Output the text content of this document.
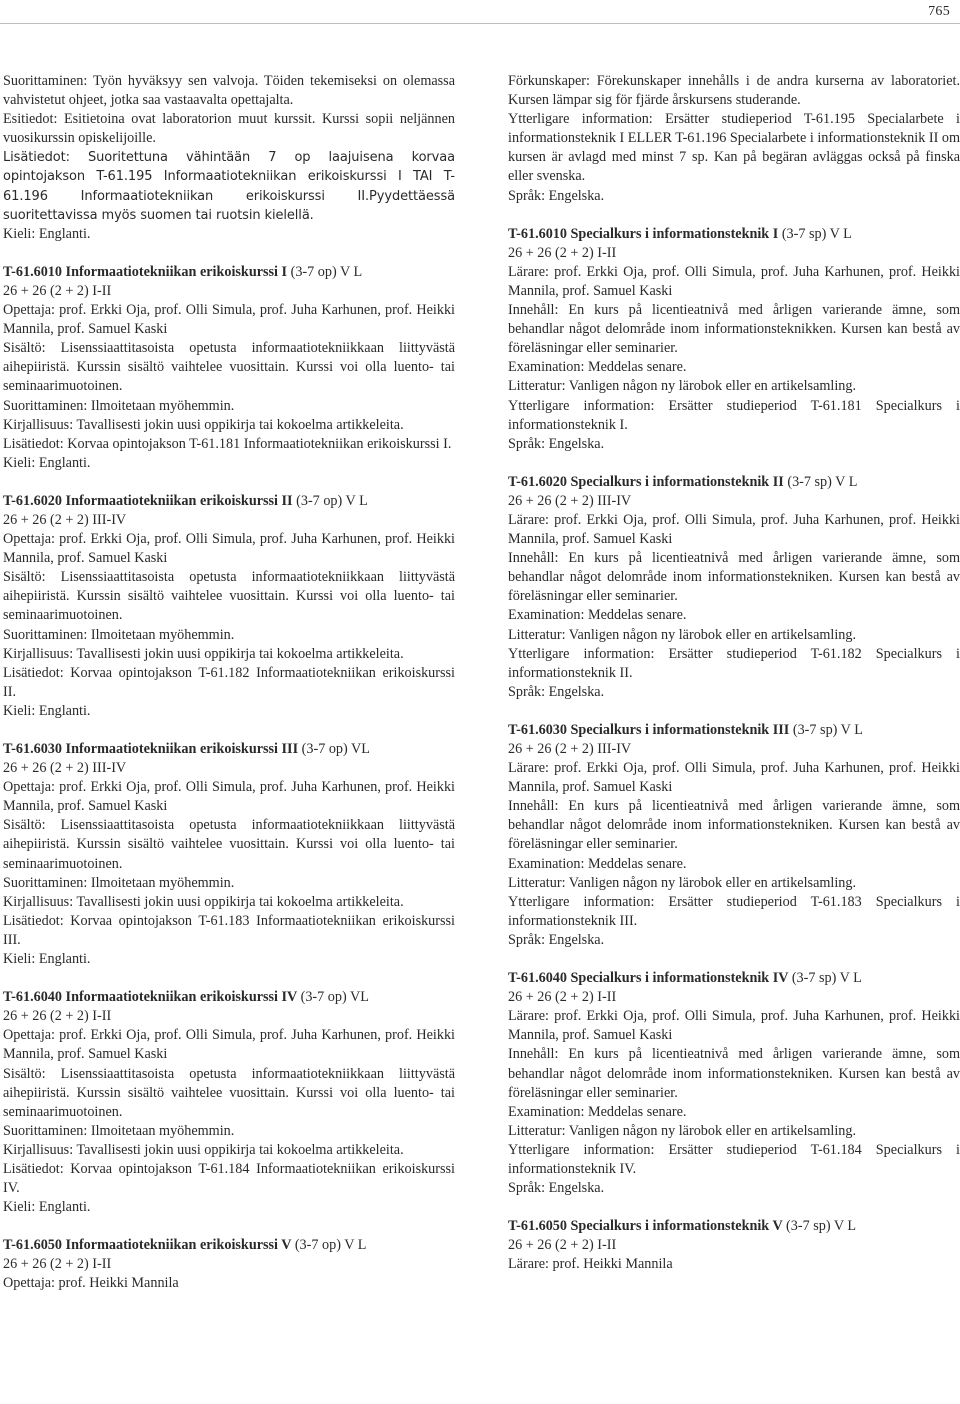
765

Suorittaminen: Työn hyväksyy sen valvoja. Töiden tekemiseksi on olemassa vahvistetut ohjeet, jotka saa vastaavalta opettajalta.

Esitiedot: Esitietoina ovat laboratorion muut kurssit. Kurssi sopii neljännen vuosikurssin opiskelijoille.

Lisätiedot: Suoritettuna vähintään 7 op laajuisena korvaa opintojakson T-61.195 Informaatiotekniikan erikoiskurssi I TAI T-61.196 Informaatiotekniikan erikoiskurssi II.Pyydettäessä suoritettavissa myös suomen tai ruotsin kielellä.

Kieli: Englanti.

T-61.6010 Informaatiotekniikan erikoiskurssi I (3-7 op) V L

26 + 26 (2 + 2) I-II

Opettaja: prof. Erkki Oja, prof. Olli Simula, prof. Juha Karhunen, prof. Heikki Mannila, prof. Samuel Kaski

Sisältö: Lisenssiaattitasoista opetusta informaatiotekniikkaan liittyvästä aihepiiristä. Kurssin sisältö vaihtelee vuosittain. Kurssi voi olla luento- tai seminaarimuotoinen.

Suorittaminen: Ilmoitetaan myöhemmin.

Kirjallisuus: Tavallisesti jokin uusi oppikirja tai kokoelma artikkeleita.

Lisätiedot: Korvaa opintojakson T-61.181 Informaatiotekniikan erikoiskurssi I.

Kieli: Englanti.

T-61.6020 Informaatiotekniikan erikoiskurssi II (3-7 op) V L

26 + 26 (2 + 2) III-IV

Opettaja: prof. Erkki Oja, prof. Olli Simula, prof. Juha Karhunen, prof. Heikki Mannila, prof. Samuel Kaski

Sisältö: Lisenssiaattitasoista opetusta informaatiotekniikkaan liittyvästä aihepiiristä. Kurssin sisältö vaihtelee vuosittain. Kurssi voi olla luento- tai seminaarimuotoinen.

Suorittaminen: Ilmoitetaan myöhemmin.

Kirjallisuus: Tavallisesti jokin uusi oppikirja tai kokoelma artikkeleita.

Lisätiedot: Korvaa opintojakson T-61.182 Informaatiotekniikan erikoiskurssi II.

Kieli: Englanti.

T-61.6030 Informaatiotekniikan erikoiskurssi III (3-7 op) VL

26 + 26 (2 + 2) III-IV

Opettaja: prof. Erkki Oja, prof. Olli Simula, prof. Juha Karhunen, prof. Heikki Mannila, prof. Samuel Kaski

Sisältö: Lisenssiaattitasoista opetusta informaatiotekniikkaan liittyvästä aihepiiristä. Kurssin sisältö vaihtelee vuosittain. Kurssi voi olla luento- tai seminaarimuotoinen.

Suorittaminen: Ilmoitetaan myöhemmin.

Kirjallisuus: Tavallisesti jokin uusi oppikirja tai kokoelma artikkeleita.

Lisätiedot: Korvaa opintojakson T-61.183 Informaatiotekniikan erikoiskurssi III.

Kieli: Englanti.

T-61.6040 Informaatiotekniikan erikoiskurssi IV (3-7 op) VL

26 + 26 (2 + 2) I-II

Opettaja: prof. Erkki Oja, prof. Olli Simula, prof. Juha Karhunen, prof. Heikki Mannila, prof. Samuel Kaski

Sisältö: Lisenssiaattitasoista opetusta informaatiotekniikkaan liittyvästä aihepiiristä. Kurssin sisältö vaihtelee vuosittain. Kurssi voi olla luento- tai seminaarimuotoinen.

Suorittaminen: Ilmoitetaan myöhemmin.

Kirjallisuus: Tavallisesti jokin uusi oppikirja tai kokoelma artikkeleita.

Lisätiedot: Korvaa opintojakson T-61.184 Informaatiotekniikan erikoiskurssi IV.

Kieli: Englanti.

T-61.6050 Informaatiotekniikan erikoiskurssi V (3-7 op) V L

26 + 26 (2 + 2) I-II

Opettaja: prof. Heikki Mannila

Förkunskaper: Förekunskaper innehålls i de andra kurserna av laboratoriet. Kursen lämpar sig för fjärde årskursens studerande.

Ytterligare information: Ersätter studieperiod T-61.195 Specialarbete i informationsteknik I ELLER T-61.196 Specialarbete i informationsteknik II om kursen är avlagd med minst 7 sp. Kan på begäran avläggas också på finska eller svenska.

Språk: Engelska.

T-61.6010 Specialkurs i informationsteknik I (3-7 sp) V L

26 + 26 (2 + 2) I-II

Lärare: prof. Erkki Oja, prof. Olli Simula, prof. Juha Karhunen, prof. Heikki Mannila, prof. Samuel Kaski

Innehåll: En kurs på licentieatnivå med årligen varierande ämne, som behandlar något delområde inom informationsteknikken. Kursen kan bestå av föreläsningar eller seminarier.

Examination: Meddelas senare.

Litteratur: Vanligen någon ny lärobok eller en artikelsamling.

Ytterligare information: Ersätter studieperiod T-61.181 Specialkurs i informationsteknik I.

Språk: Engelska.

T-61.6020 Specialkurs i informationsteknik II (3-7 sp) V L

26 + 26 (2 + 2) III-IV

Lärare: prof. Erkki Oja, prof. Olli Simula, prof. Juha Karhunen, prof. Heikki Mannila, prof. Samuel Kaski

Innehåll: En kurs på licentieatnivå med årligen varierande ämne, som behandlar något delområde inom informationstekniken. Kursen kan bestå av föreläsningar eller seminarier.

Examination: Meddelas senare.

Litteratur: Vanligen någon ny lärobok eller en artikelsamling.

Ytterligare information: Ersätter studieperiod T-61.182 Specialkurs i informationsteknik II.

Språk: Engelska.

T-61.6030 Specialkurs i informationsteknik III (3-7 sp) V L

26 + 26 (2 + 2) III-IV

Lärare: prof. Erkki Oja, prof. Olli Simula, prof. Juha Karhunen, prof. Heikki Mannila, prof. Samuel Kaski

Innehåll: En kurs på licentieatnivå med årligen varierande ämne, som behandlar något delområde inom informationstekniken. Kursen kan bestå av föreläsningar eller seminarier.

Examination: Meddelas senare.

Litteratur: Vanligen någon ny lärobok eller en artikelsamling.

Ytterligare information: Ersätter studieperiod T-61.183 Specialkurs i informationsteknik III.

Språk: Engelska.

T-61.6040 Specialkurs i informationsteknik IV (3-7 sp) V L

26 + 26 (2 + 2) I-II

Lärare: prof. Erkki Oja, prof. Olli Simula, prof. Juha Karhunen, prof. Heikki Mannila, prof. Samuel Kaski

Innehåll: En kurs på licentieatnivå med årligen varierande ämne, som behandlar något delområde inom informationstekniken. Kursen kan bestå av föreläsningar eller seminarier.

Examination: Meddelas senare.

Litteratur: Vanligen någon ny lärobok eller en artikelsamling.

Ytterligare information: Ersätter studieperiod T-61.184 Specialkurs i informationsteknik IV.

Språk: Engelska.

T-61.6050 Specialkurs i informationsteknik V (3-7 sp) V L

26 + 26 (2 + 2) I-II

Lärare: prof. Heikki Mannila
